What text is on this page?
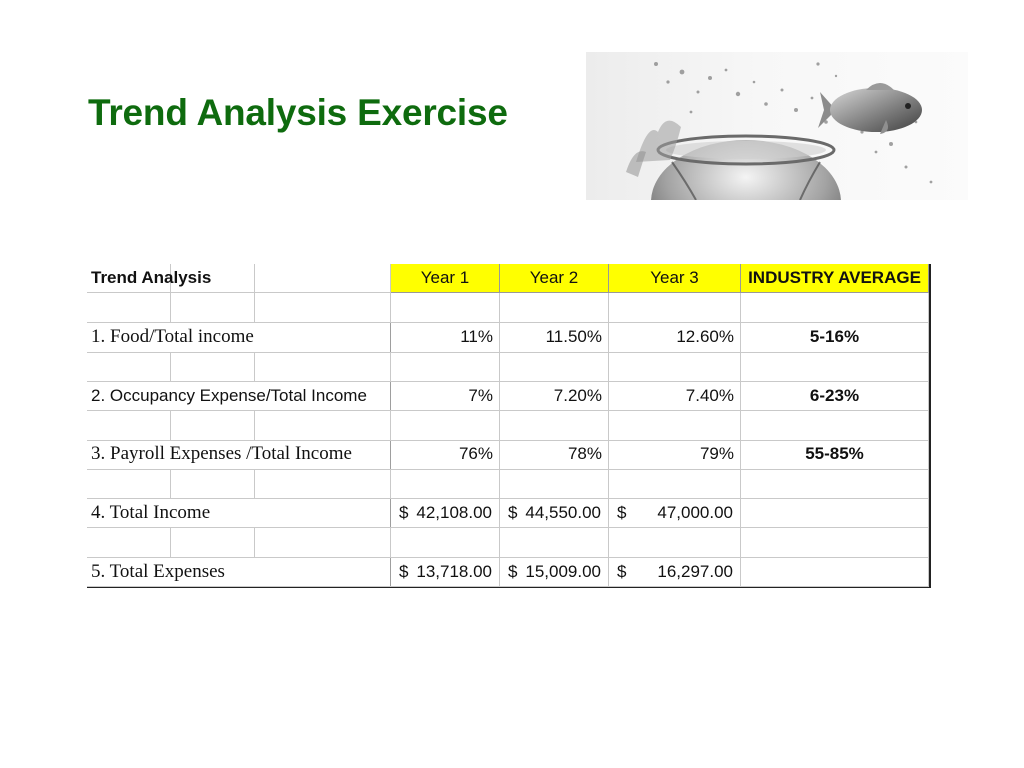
Trend Analysis Exercise
Trend Analysis	Year 1	Year 2	Year 3	INDUSTRY AVERAGE
1. Food/Total income	11%	11.50%	12.60%	5-16%
2. Occupancy Expense/Total Income	7%	7.20%	7.40%	6-23%
3. Payroll Expenses /Total Income	76%	78%	79%	55-85%
4. Total Income	$ 42,108.00 $ 44,550.00 $ 47,000.00
5. Total Expenses	$ 13,718.00 $ 15,009.00 $ 16,297.00
